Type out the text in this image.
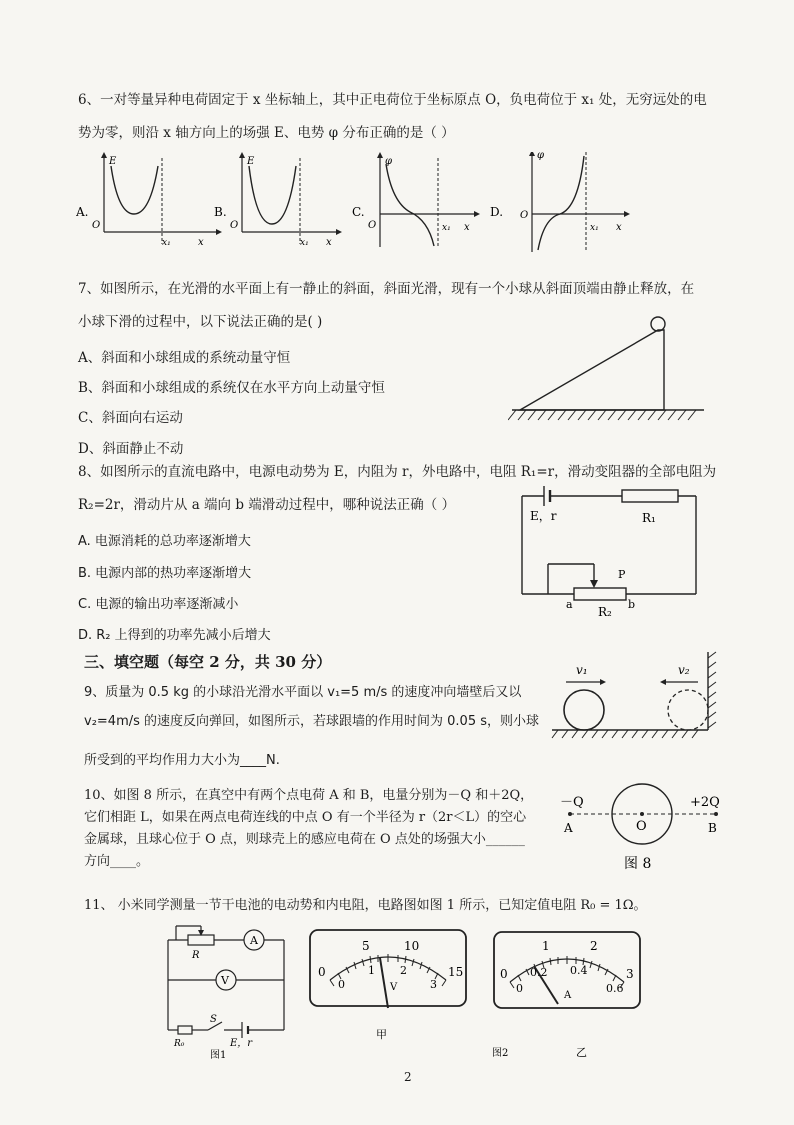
6、一对等量异种电荷固定于 x 坐标轴上，其中正电荷位于坐标原点 O，负电荷位于 x₁ 处，无穷远处的电
势为零，则沿 x 轴方向上的场强 E、电势 φ 分布正确的是（ ）
A.
E
O
x₁	x
B.
E
O
x₁ x
C.
φ
O	x₁ x
D.
φ
O
x₁ x
7、如图所示，在光滑的水平面上有一静止的斜面，斜面光滑，现有一个小球从斜面顶端由静止释放，在
小球下滑的过程中，以下说法正确的是( )
A、斜面和小球组成的系统动量守恒
B、斜面和小球组成的系统仅在水平方向上动量守恒
C、斜面向右运动
D、斜面静止不动
8、如图所示的直流电路中，电源电动势为 E，内阻为 r，外电路中，电阻 R₁=r，滑动变阻器的全部电阻为
R₂=2r，滑动片从 a 端向 b 端滑动过程中，哪种说法正确（ ）
A. 电源消耗的总功率逐渐增大
B. 电源内部的热功率逐渐增大
C. 电源的输出功率逐渐减小
D. R₂ 上得到的功率先减小后增大
E，r	R₁
P
a	b
R₂
三、填空题（每空 2 分，共 30 分）
9、质量为 0.5 kg 的小球沿光滑水平面以 v₁=5 m/s 的速度冲向墙壁后又以
v₂=4m/s 的速度反向弹回，如图所示，若球跟墙的作用时间为 0.05 s，则小球
所受到的平均作用力大小为____N.
v₁	v₂
10、如图 8 所示，在真空中有两个点电荷 A 和 B，电量分别为－Q 和＋2Q，
它们相距 L，如果在两点电荷连线的中点 O 有一个半径为 r（2r＜L）的空心
金属球，且球心位于 O 点，则球壳上的感应电荷在 O 点处的场强大小______
方向____。
－Q	+2Q
A	O	B
图 8
11、 小米同学测量一节干电池的电动势和内电阻，电路图如图 1 所示，已知定值电阻 R₀ = 1Ω。
A
V
R
S
R₀	E，r
图1
5	10
0	15
0
1 2
3
V
甲
1	2
0	3
0
0.2 0.4
0.6
A
乙
图2
2
